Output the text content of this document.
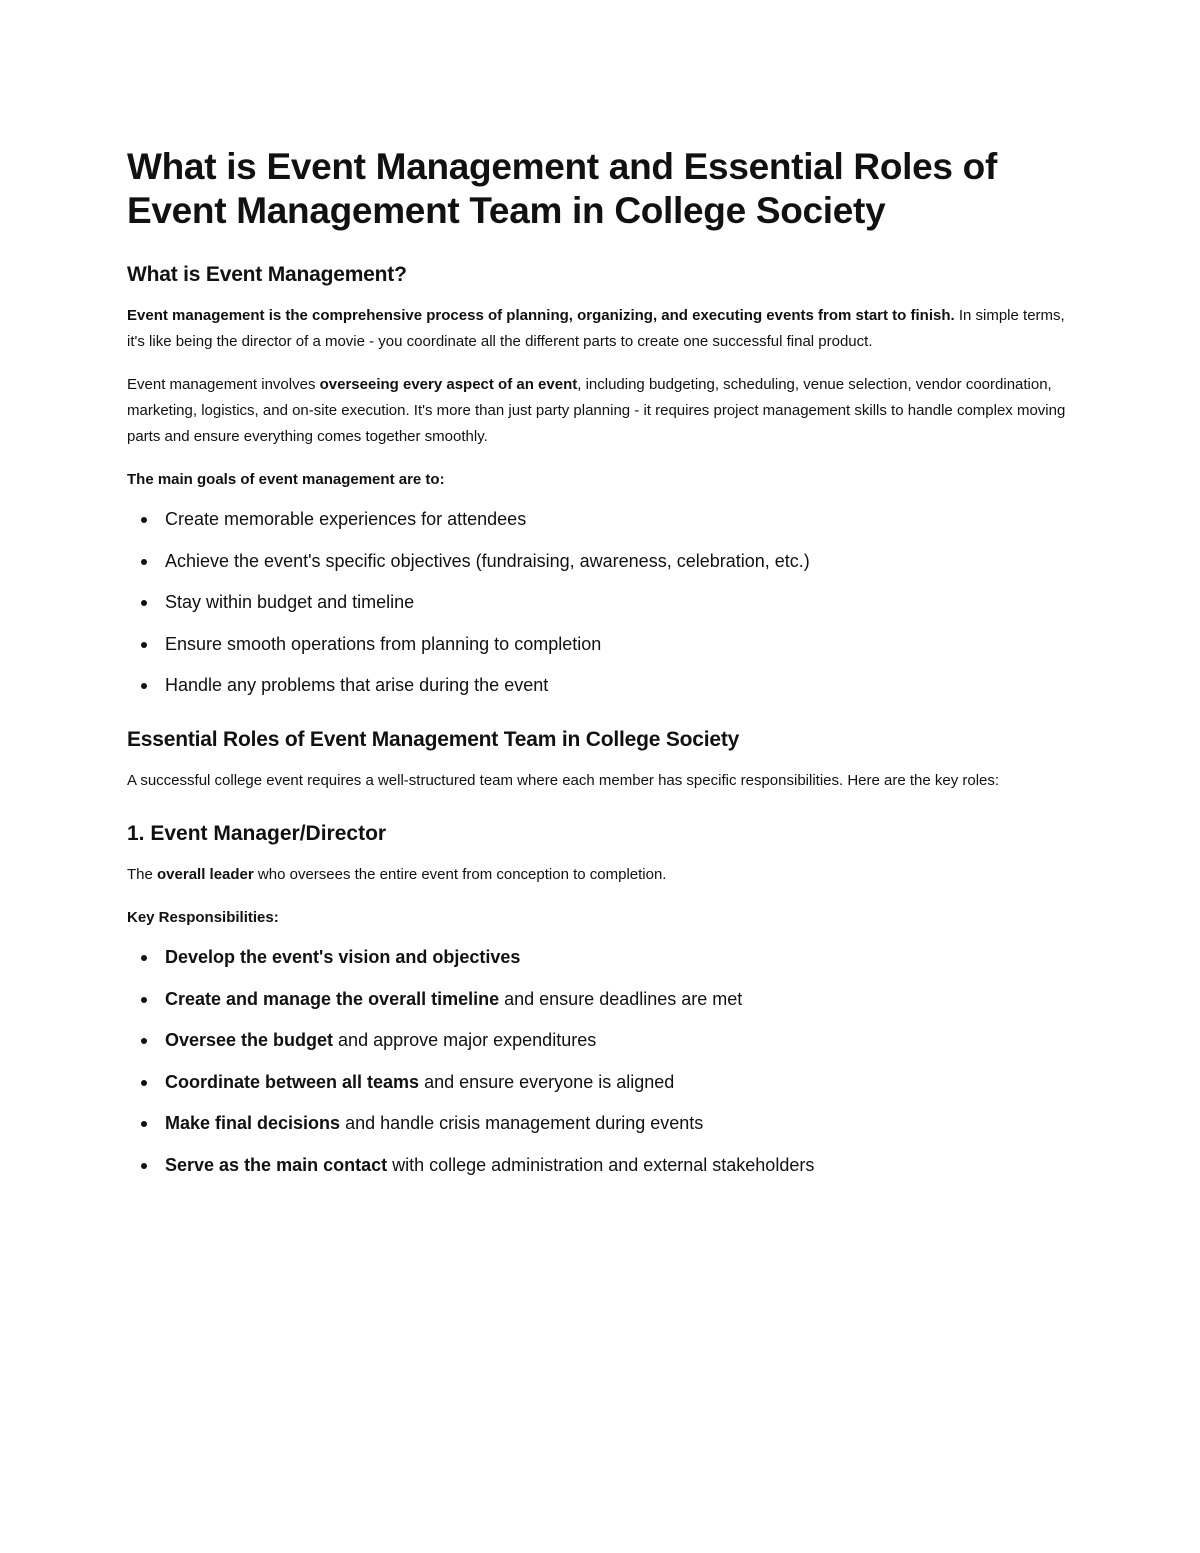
What is Event Management and Essential Roles of Event Management Team in College Society
What is Event Management?

Event management is the comprehensive process of planning, organizing, and executing events from start to finish. In simple terms, it's like being the director of a movie - you coordinate all the different parts to create one successful final product.

Event management involves overseeing every aspect of an event, including budgeting, scheduling, venue selection, vendor coordination, marketing, logistics, and on-site execution. It's more than just party planning - it requires project management skills to handle complex moving parts and ensure everything comes together smoothly.

The main goals of event management are to:

Create memorable experiences for attendees
Achieve the event's specific objectives (fundraising, awareness, celebration, etc.)
Stay within budget and timeline
Ensure smooth operations from planning to completion
Handle any problems that arise during the event
Essential Roles of Event Management Team in College Society

A successful college event requires a well-structured team where each member has specific responsibilities. Here are the key roles:

1. Event Manager/Director

The overall leader who oversees the entire event from conception to completion.

Key Responsibilities:

Develop the event's vision and objectives
Create and manage the overall timeline and ensure deadlines are met
Oversee the budget and approve major expenditures
Coordinate between all teams and ensure everyone is aligned
Make final decisions and handle crisis management during events
Serve as the main contact with college administration and external stakeholders
